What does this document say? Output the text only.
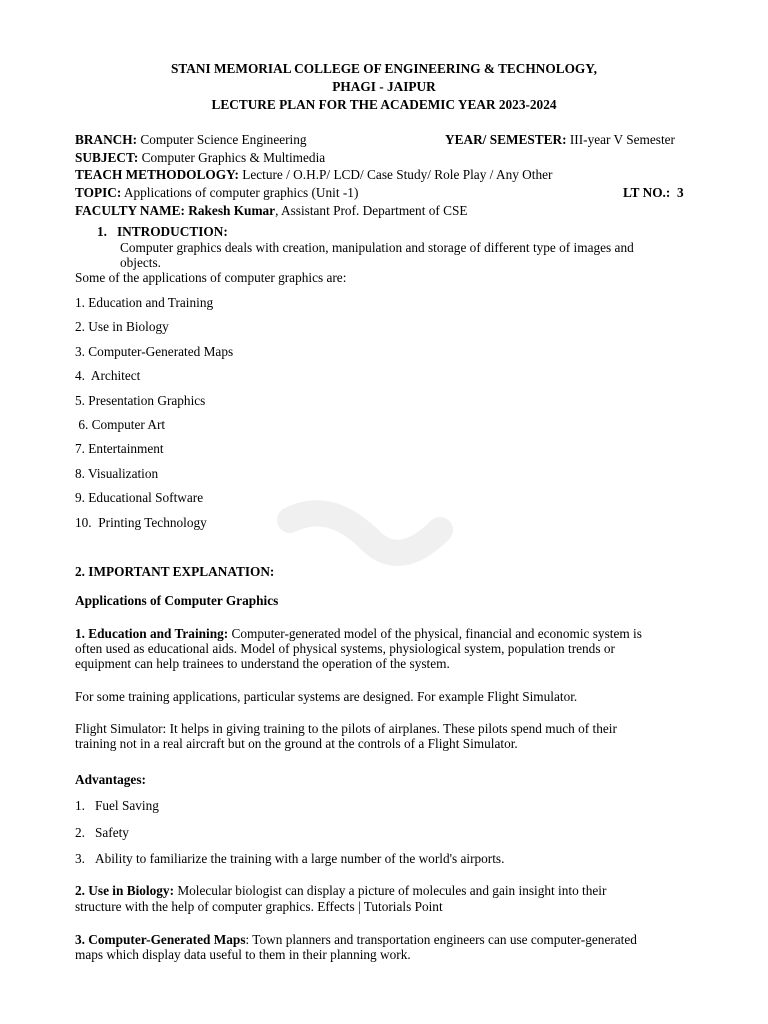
STANI MEMORIAL COLLEGE OF ENGINEERING & TECHNOLOGY,
PHAGI - JAIPUR
LECTURE PLAN FOR THE ACADEMIC YEAR 2023-2024
BRANCH: Computer Science Engineering	YEAR/ SEMESTER: III-year V Semester
SUBJECT: Computer Graphics & Multimedia
TEACH METHODOLOGY: Lecture / O.H.P/ LCD/ Case Study/ Role Play / Any Other
TOPIC: Applications of computer graphics (Unit -1)	LT NO.: 3
FACULTY NAME: Rakesh Kumar, Assistant Prof. Department of CSE
1. INTRODUCTION:
Computer graphics deals with creation, manipulation and storage of different type of images and
objects.
Some of the applications of computer graphics are:
1. Education and Training
2. Use in Biology
3. Computer-Generated Maps
4.  Architect
5. Presentation Graphics
6. Computer Art
7. Entertainment
8. Visualization
9. Educational Software
10.  Printing Technology
2. IMPORTANT EXPLANATION:
Applications of Computer Graphics
1. Education and Training: Computer-generated model of the physical, financial and economic system is
often used as educational aids. Model of physical systems, physiological system, population trends or
equipment can help trainees to understand the operation of the system.
For some training applications, particular systems are designed. For example Flight Simulator.
Flight Simulator: It helps in giving training to the pilots of airplanes. These pilots spend much of their
training not in a real aircraft but on the ground at the controls of a Flight Simulator.
Advantages:
1. Fuel Saving
2. Safety
3. Ability to familiarize the training with a large number of the world's airports.
2. Use in Biology: Molecular biologist can display a picture of molecules and gain insight into their
structure with the help of computer graphics. Effects | Tutorials Point
3. Computer-Generated Maps: Town planners and transportation engineers can use computer-generated
maps which display data useful to them in their planning work.
